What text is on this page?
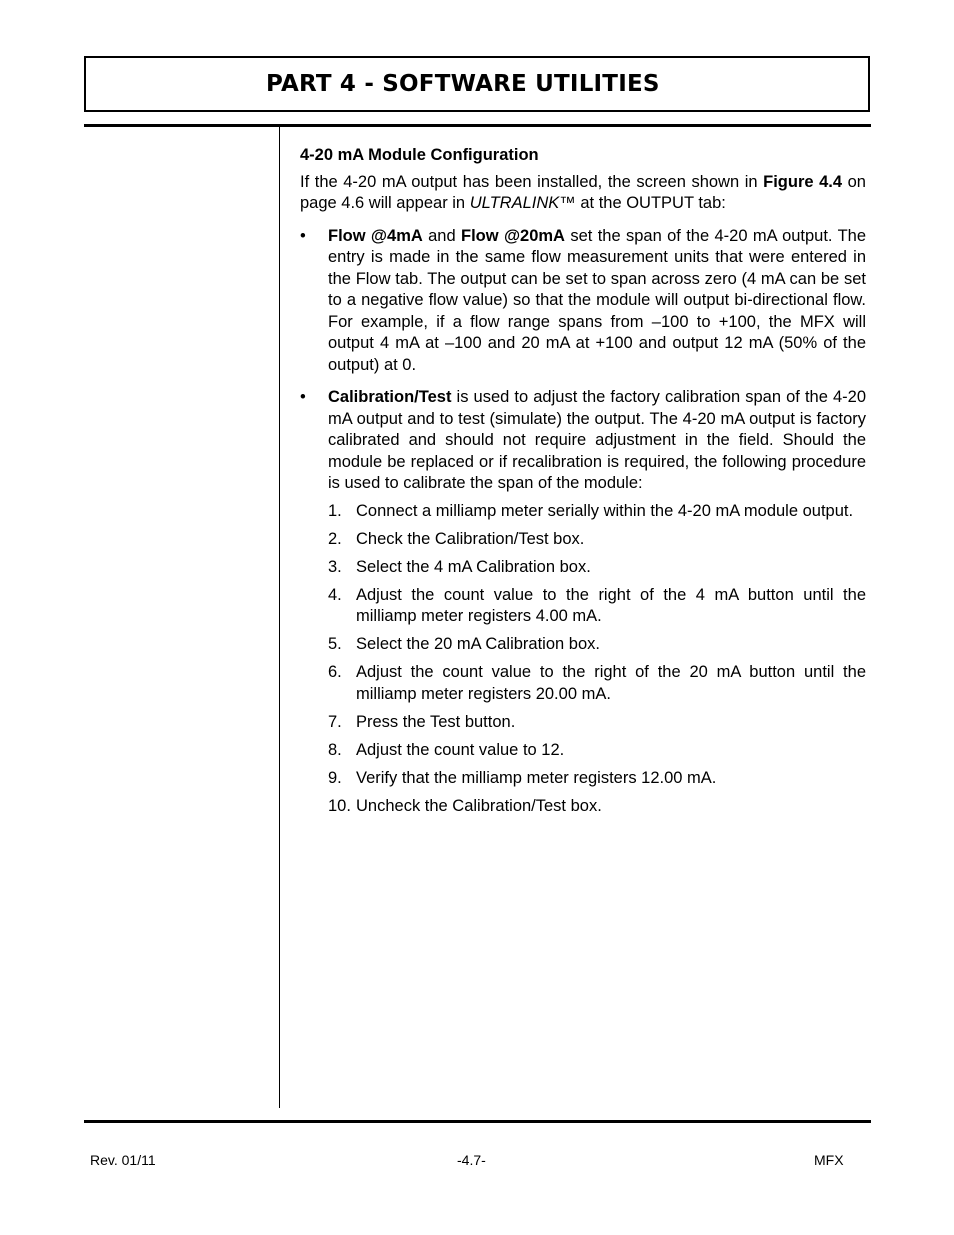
PART 4 - SOFTWARE UTILITIES
4-20 mA Module Configuration

If the 4-20 mA output has been installed, the screen shown in Figure 4.4 on page 4.6 will appear in ULTRALINK™ at the OUTPUT tab:

• Flow @4mA and Flow @20mA set the span of the 4-20 mA output. The entry is made in the same flow measurement units that were entered in the Flow tab. The output can be set to span across zero (4 mA can be set to a negative flow value) so that the module will output bi-directional flow. For example, if a flow range spans from –100 to +100, the MFX will output 4 mA at –100 and 20 mA at +100 and output 12 mA (50% of the output) at 0.
• Calibration/Test is used to adjust the factory calibration span of the 4-20 mA output and to test (simulate) the output. The 4-20 mA output is factory calibrated and should not require adjustment in the field. Should the module be replaced or if recalibration is required, the following procedure is used to calibrate the span of the module:
1. Connect a milliamp meter serially within the 4-20 mA module output.
2. Check the Calibration/Test box.
3. Select the 4 mA Calibration box.
4. Adjust the count value to the right of the 4 mA button until the milliamp meter registers 4.00 mA.
5. Select the 20 mA Calibration box.
6. Adjust the count value to the right of the 20 mA button until the milliamp meter registers 20.00 mA.
7. Press the Test button.
8. Adjust the count value to 12.
9. Verify that the milliamp meter registers 12.00 mA.
10. Uncheck the Calibration/Test box.
Rev. 01/11	-4.7-	MFX
